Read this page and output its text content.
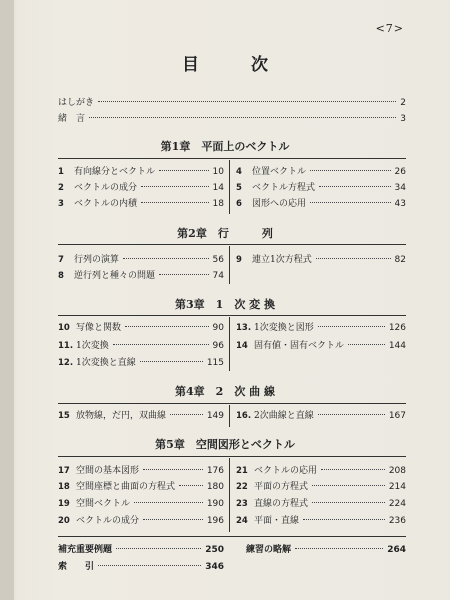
<7>
目	次
はしがき	2
緒　言	3
第1章　平面上のベクトル
1	有向線分とベクトル	10
2	ベクトルの成分	14
3	ベクトルの内積	18
4	位置ベクトル	26
5	ベクトル方程式	34
6	図形への応用	43
第2章　行　　　列
7	行列の演算	56
8	逆行列と種々の問題	74
9	連立1次方程式	82
第3章　1　次 変 換
10 写像と関数	90
11. 1次変換	96
12. 1次変換と直線	115
13. 1次変換と図形	126
14 固有値・固有ベクトル	144
第4章　2　次 曲 線
15 放物線，だ円，双曲線	149 16. 2次曲線と直線	167
第5章　空間図形とベクトル
17 空間の基本図形	176
18 空間座標と曲面の方程式	180
19 空間ベクトル	190
20 ベクトルの成分	196
21 ベクトルの応用	208
22 平面の方程式	214
23 直線の方程式	224
24 平面・直線	236
補充重要例題	250
索　　引	346
練習の略解	264
